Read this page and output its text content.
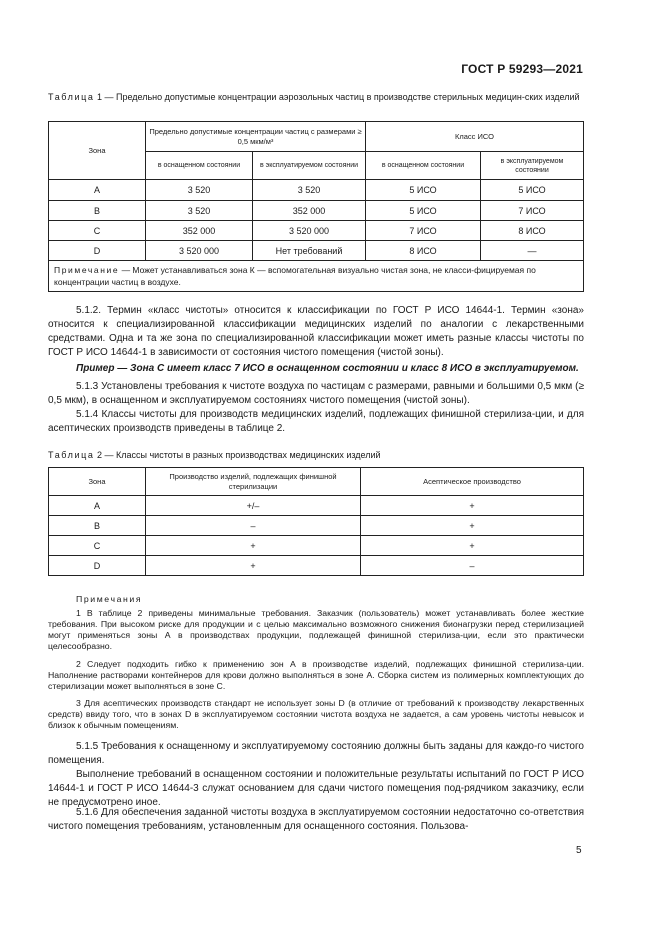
ГОСТ Р 59293—2021
Таблица 1 — Предельно допустимые концентрации аэрозольных частиц в производстве стерильных медицин-ских изделий
Зона	Предельно допустимые концентрации частиц с размерами ≥ 0,5 мкм/м³		Класс ИСО	
	в оснащенном состоянии	в эксплуатируемом состоянии	в оснащенном состоянии	в эксплуатируемом состоянии
A	3 520	3 520	5 ИСО	5 ИСО
B	3 520	352 000	5 ИСО	7 ИСО
C	352 000	3 520 000	7 ИСО	8 ИСО
D	3 520 000	Нет требований	8 ИСО	—
Примечание — Может устанавливаться зона К — вспомогательная визуально чистая зона, не класси-фицируемая по концентрации частиц в воздухе.				

5.1.2. Термин «класс чистоты» относится к классификации по ГОСТ Р ИСО 14644-1. Термин «зона» относится к специализированной классификации медицинских изделий по аналогии с лекарственными средствами. Одна и та же зона по специализированной классификации может иметь разные классы чистоты по ГОСТ Р ИСО 14644-1 в зависимости от состояния чистого помещения (чистой зоны).

Пример — Зона С имеет класс 7 ИСО в оснащенном состоянии и класс 8 ИСО в эксплуатируемом.

5.1.3 Установлены требования к чистоте воздуха по частицам с размерами, равными и большими 0,5 мкм (≥ 0,5 мкм), в оснащенном и эксплуатируемом состояниях чистого помещения (чистой зоны).

5.1.4 Классы чистоты для производств медицинских изделий, подлежащих финишной стерилиза-ции, и для асептических производств приведены в таблице 2.

Таблица 2 — Классы чистоты в разных производствах медицинских изделий
Зона	Производство изделий, подлежащих финишной стерилизации	Асептическое производство
A	+/–	+
B	–	+
C	+	+
D	+	–
Примечания

1 В таблице 2 приведены минимальные требования. Заказчик (пользователь) может устанавливать более жесткие требования. При высоком риске для продукции и с целью максимально возможного снижения бионагрузки перед стерилизацией могут применяться зоны А в производствах продукции, подлежащей финишной стерилиза-ции, если это практически целесообразно.

2 Следует подходить гибко к применению зон А в производстве изделий, подлежащих финишной стерилиза-ции. Наполнение растворами контейнеров для крови должно выполняться в зоне А. Сборка систем из полимерных комплектующих до стерилизации может выполняться в зоне С.

3 Для асептических производств стандарт не использует зоны D (в отличие от требований к производству лекарственных средств) ввиду того, что в зонах D в эксплуатируемом состоянии чистота воздуха не задается, а сам уровень чистоты невысок и близок к обычным помещениям.

5.1.5 Требования к оснащенному и эксплуатируемому состоянию должны быть заданы для каждо-го чистого помещения.

Выполнение требований в оснащенном состоянии и положительные результаты испытаний по ГОСТ Р ИСО 14644-1 и ГОСТ Р ИСО 14644-3 служат основанием для сдачи чистого помещения под-рядчиком заказчику, если не предусмотрено иное.

5.1.6 Для обеспечения заданной чистоты воздуха в эксплуатируемом состоянии недостаточно со-ответствия чистого помещения требованиям, установленным для оснащенного состояния. Пользова-

5
